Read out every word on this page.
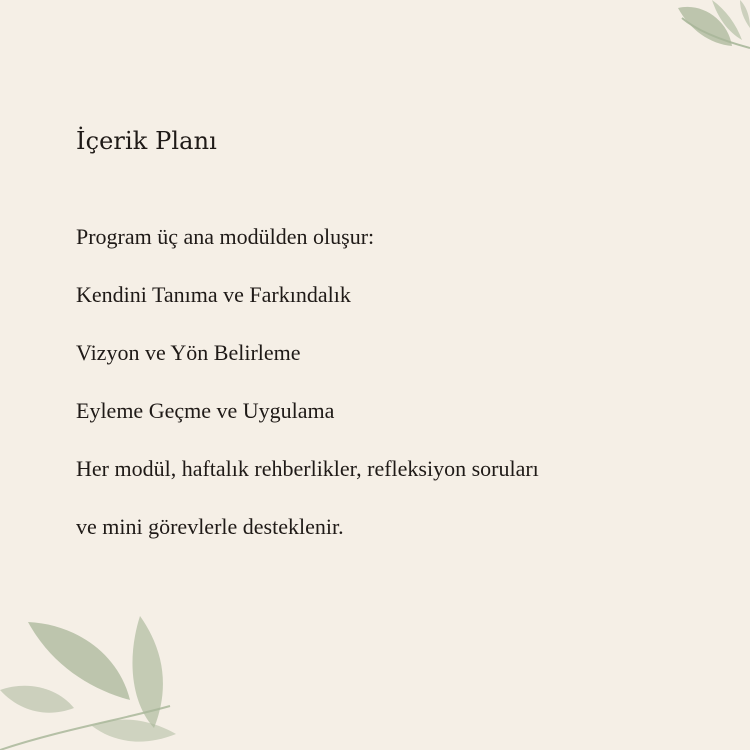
İçerik Planı
Program üç ana modülden oluşur:
Kendini Tanıma ve Farkındalık
Vizyon ve Yön Belirleme
Eyleme Geçme ve Uygulama
Her modül, haftalık rehberlikler, refleksiyon soruları
ve mini görevlerle desteklenir.
